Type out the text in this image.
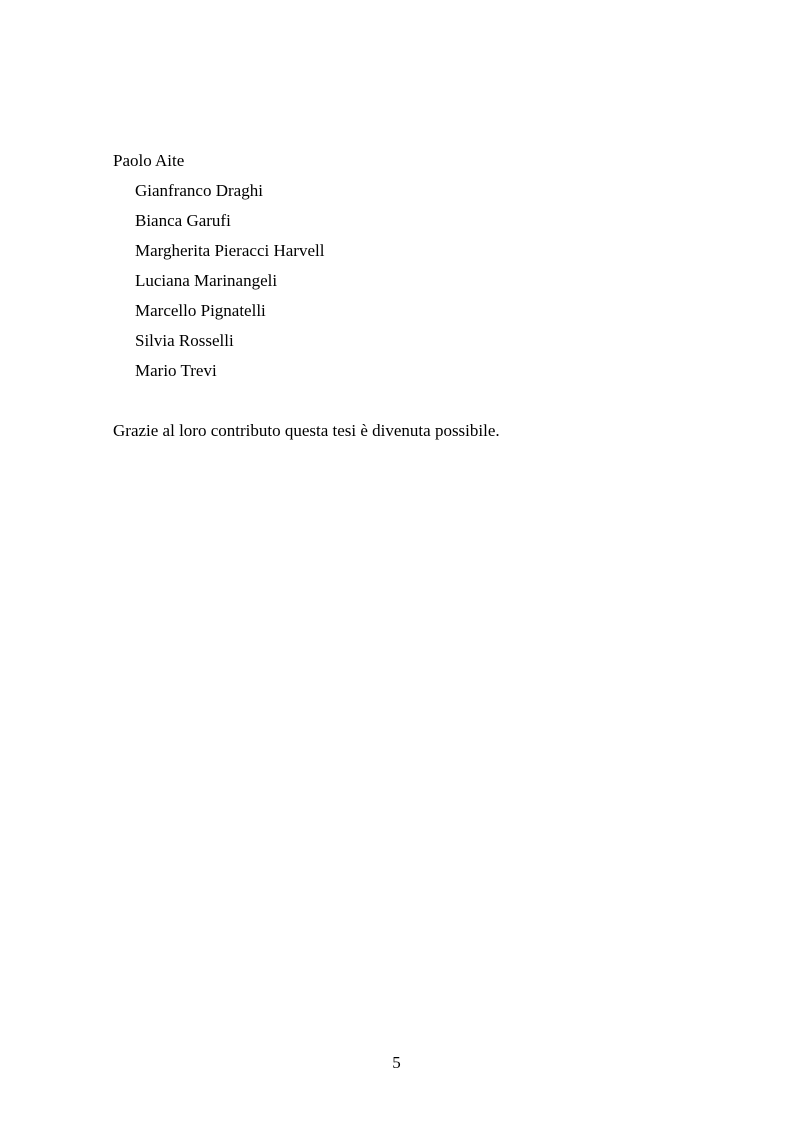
Paolo Aite
Gianfranco Draghi
Bianca Garufi
Margherita Pieracci Harvell
Luciana Marinangeli
Marcello Pignatelli
Silvia Rosselli
Mario Trevi
Grazie al loro contributo questa tesi è divenuta possibile.
5
